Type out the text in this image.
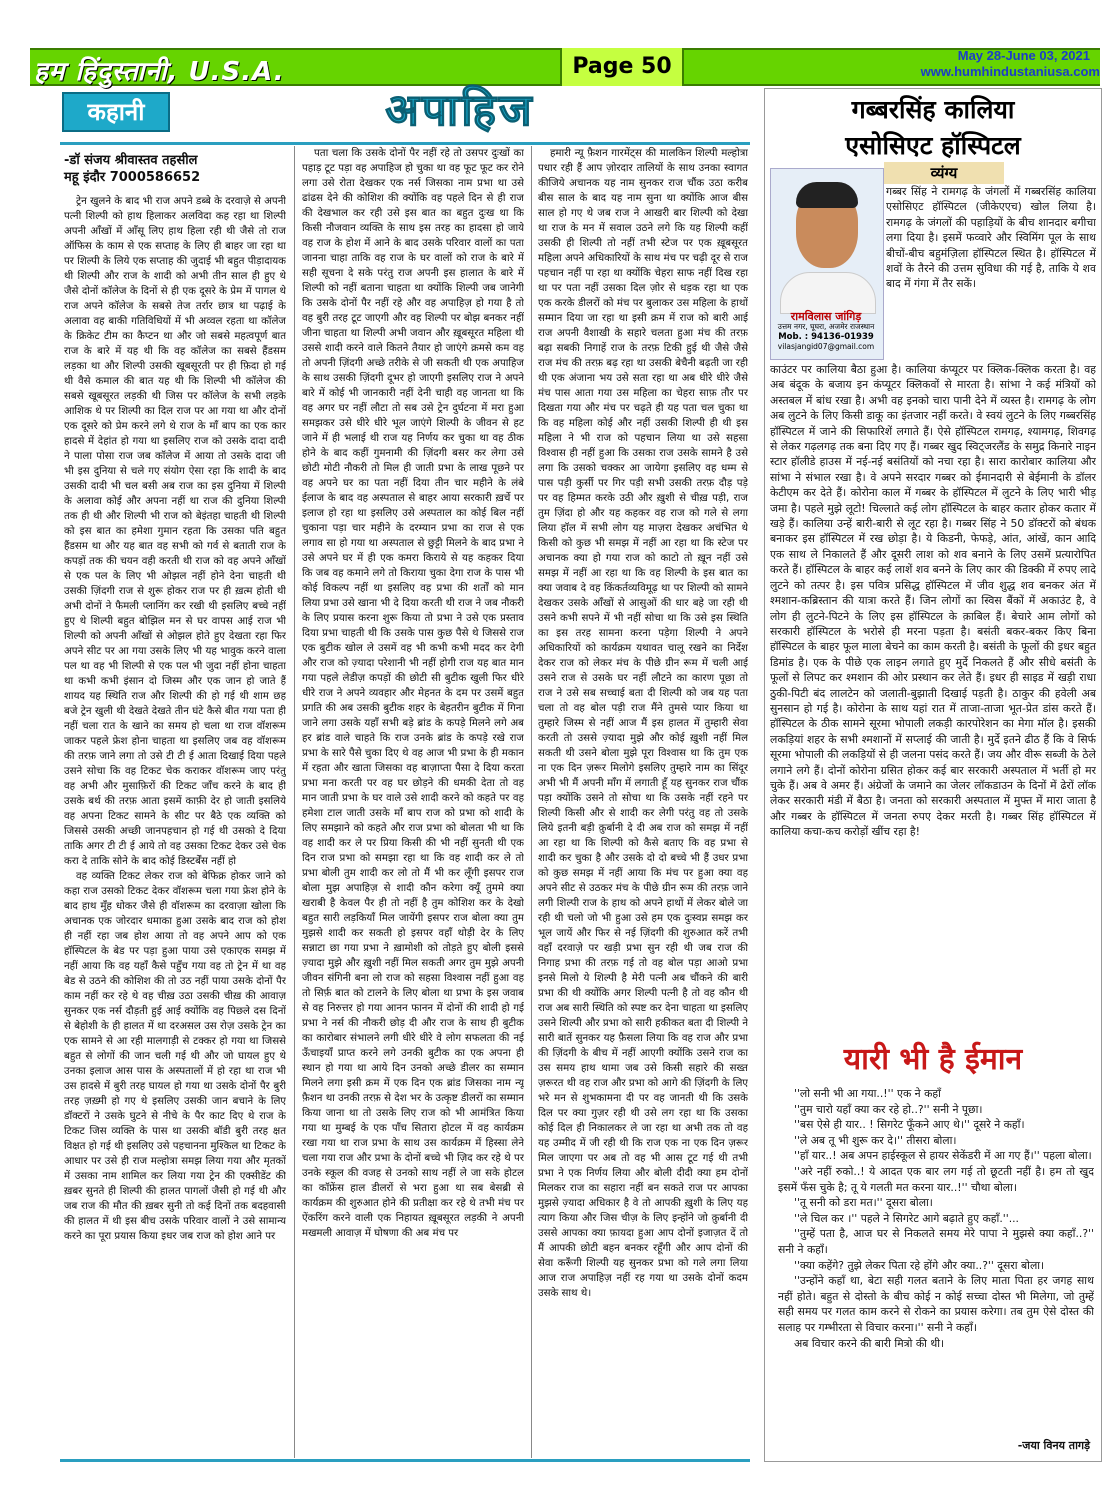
हम हिंदुस्तानी, U.S.A.	Page 50	May 28-June 03, 2021
www.humhindustaniusa.com
कहानी	अपाहिज
-डॉ संजय श्रीवास्तव तहसील
महू इंदौर 7000586652

ट्रेन खुलने के बाद भी राज अपने डब्बे के दरवाज़े से अपनी पत्नी शिल्पी को हाथ हिलाकर अलविदा कह रहा था शिल्पी अपनी आँखों में आँसू लिए हाथ हिला रही थी जैसे तो राज ऑफिस के काम से एक सप्ताह के लिए ही बाहर जा रहा था पर शिल्पी के लिये एक सप्ताह की जुदाई भी बहुत पीड़ादायक थी शिल्पी और राज के शादी को अभी तीन साल ही हुए थे जैसे दोनों कॉलेज के दिनों से ही एक दूसरे के प्रेम में पागल थे राज अपने कॉलेज के सबसे तेज तर्रार छात्र था पढ़ाई के अलावा वह बाकी गतिविधियों में भी अव्वल रहता था कॉलेज के क्रिकेट टीम का कैप्टन था और जो सबसे महत्वपूर्ण बात राज के बारे में यह थी कि वह कॉलेज का सबसे हैंडसम लड़का था और शिल्पी उसकी खूबसूरती पर ही फ़िदा हो गई थी वैसे कमाल की बात यह थी कि शिल्पी भी कॉलेज की सबसे खूबसूरत लड़की थी जिस पर कॉलेज के सभी लड़के आशिक थे पर शिल्पी का दिल राज पर आ गया था और दोनों एक दूसरे को प्रेम करने लगे थे राज के माँ बाप का एक कार हादसे में देहांत हो गया था इसलिए राज को उसके दादा दादी ने पाला पोसा राज जब कॉलेज में आया तो उसके दादा जी भी इस दुनिया से चले गए संयोग ऐसा रहा कि शादी के बाद उसकी दादी भी चल बसी अब राज का इस दुनिया में शिल्पी के अलावा कोई और अपना नहीं था राज की दुनिया शिल्पी तक ही थी और शिल्पी भी राज को बेइंतहा चाहती थी शिल्पी को इस बात का हमेशा गुमान रहता कि उसका पति बहुत हैंडसम था और यह बात वह सभी को गर्व से बताती राज के कपड़ों तक की चयन वही करती थी राज को वह अपने आँखों से एक पल के लिए भी ओझल नहीं होने देना चाहती थी उसकी ज़िंदगी राज से शुरू होकर राज पर ही ख़त्म होती थी अभी दोनों ने फैमली प्लानिंग कर रखी थी इसलिए बच्चे नहीं हुए थे शिल्पी बहुत बोझिल मन से घर वापस आई राज भी शिल्पी को अपनी आँखों से ओझल होते हुए देखता रहा फिर अपने सीट पर आ गया उसके लिए भी यह भावुक करने वाला पल था वह भी शिल्पी से एक पल भी जुदा नहीं होना चाहता था कभी कभी इंसान दो जिस्म और एक जान हो जाते हैं शायद यह स्थिति राज और शिल्पी की हो गई थी शाम छह बजे ट्रेन खुली थी देखते देखते तीन घंटे कैसे बीत गया पता ही नहीं चला रात के खाने का समय हो चला था राज वॉशरूम जाकर पहले फ्रेश होना चाहता था इसलिए जब वह वॉशरूम की तरफ़ जाने लगा तो उसे टी टी ई आता दिखाई दिया पहले उसने सोचा कि वह टिकट चेक कराकर वॉशरूम जाए परंतु वह अभी और मुसाफ़िरों की टिकट जाँच करने के बाद ही उसके बर्थ की तरफ़ आता इसमें काफ़ी देर हो जाती इसलिये वह अपना टिकट सामने के सीट पर बैठे एक व्यक्ति को जिससे उसकी अच्छी जानपहचान हो गई थी उसको दे दिया ताकि अगर टी टी ई आये तो वह उसका टिकट देकर उसे चेक करा दे ताकि सोने के बाद कोई डिस्टर्बेंस नहीं हो

वह व्यक्ति टिकट लेकर राज को बेफिक्र होकर जाने को कहा राज उसको टिकट देकर वॉशरूम चला गया फ्रेश होने के बाद हाथ मुँह धोकर जैसे ही वॉशरूम का दरवाज़ा खोला कि अचानक एक जोरदार धमाका हुआ उसके बाद राज को होश ही नहीं रहा जब होश आया तो वह अपने आप को एक हॉस्पिटल के बेड पर पड़ा हुआ पाया उसे एकाएक समझ में नहीं आया कि वह यहाँ कैसे पहुँच गया वह तो ट्रेन में था वह बेड से उठने की कोशिश की तो उठ नहीं पाया उसके दोनों पैर काम नहीं कर रहे थे वह चीख़ उठा उसकी चीख़ की आवाज़ सुनकर एक नर्स दौड़ती हुई आई क्योंकि वह पिछले दस दिनों से बेहोशी के ही हालत में था दरअसल उस रोज़ उसके ट्रेन का एक सामने से आ रही मालगाड़ी से टक्कर हो गया था जिससे बहुत से लोगों की जान चली गई थी और जो घायल हुए थे उनका इलाज आस पास के अस्पतालों में हो रहा था राज भी उस हादसे में बुरी तरह घायल हो गया था उसके दोनों पैर बुरी तरह ज़ख़्मी हो गए थे इसलिए उसकी जान बचाने के लिए डॉक्टरों ने उसके घुटने से नीचे के पैर काट दिए थे राज के टिकट जिस व्यक्ति के पास था उसकी बॉडी बुरी तरह क्षत विक्षत हो गई थी इसलिए उसे पहचानना मुश्किल था टिकट के आधार पर उसे ही राज मल्होत्रा समझ लिया गया और मृतकों में उसका नाम शामिल कर लिया गया ट्रेन की एक्सीडेंट की ख़बर सुनते ही शिल्पी की हालत पागलों जैसी हो गई थी और जब राज की मौत की ख़बर सुनी तो कई दिनों तक बदहवासी की हालत में थी इस बीच उसके परिवार वालों ने उसे सामान्य करने का पूरा प्रयास किया इधर जब राज को होश आने पर

पता चला कि उसके दोनों पैर नहीं रहे तो उसपर दुःखों का पहाड़ टूट पड़ा वह अपाहिज हो चुका था वह फूट फूट कर रोने लगा उसे रोता देखकर एक नर्स जिसका नाम प्रभा था उसे ढांढस देने की कोशिश की क्योंकि वह पहले दिन से ही राज की देखभाल कर रही उसे इस बात का बहुत दुःख था कि किसी नौजवान व्यक्ति के साथ इस तरह का हादसा हो जाये वह राज के होश में आने के बाद उसके परिवार वालों का पता जानना चाहा ताकि वह राज के घर वालों को राज के बारे में सही सूचना दे सके परंतु राज अपनी इस हालात के बारे में शिल्पी को नहीं बताना चाहता था क्योंकि शिल्पी जब जानेगी कि उसके दोनों पैर नहीं रहे और वह अपाहिज़ हो गया है तो वह बुरी तरह टूट जाएगी और वह शिल्पी पर बोझ बनकर नहीं जीना चाहता था शिल्पी अभी जवान और ख़ूबसूरत महिला थी उससे शादी करने वाले कितने तैयार हो जाएंगे क्रमसे कम वह तो अपनी ज़िंदगी अच्छे तरीके से जी सकती थी एक अपाहिज के साथ उसकी ज़िंदगी दूभर हो जाएगी इसलिए राज ने अपने बारे में कोई भी जानकारी नहीं देनी चाही वह जानता था कि वह अगर घर नहीं लौटा तो सब उसे ट्रेन दुर्घटना में मरा हुआ समझकर उसे धीरे धीरे भूल जाएंगे शिल्पी के जीवन से हट जाने में ही भलाई थी राज यह निर्णय कर चुका था वह ठीक होने के बाद कहीं गुमनामी की ज़िंदगी बसर कर लेगा उसे छोटी मोटी नौकरी तो मिल ही जाती प्रभा के लाख पूछने पर वह अपने घर का पता नहीं दिया तीन चार महीने के लंबे ईलाज के बाद वह अस्पताल से बाहर आया सरकारी ख़र्चे पर इलाज हो रहा था इसलिए उसे अस्पताल का कोई बिल नहीं चुकाना पड़ा चार महीने के दरम्यान प्रभा का राज से एक लगाव सा हो गया था अस्पताल से छुट्टी मिलने के बाद प्रभा ने उसे अपने घर में ही एक कमरा किराये से यह कहकर दिया कि जब वह कमाने लगे तो किराया चुका देगा राज के पास भी कोई विकल्प नहीं था इसलिए वह प्रभा की शर्तों को मान लिया प्रभा उसे खाना भी दे दिया करती थी राज ने जब नौकरी के लिए प्रयास करना शुरू किया तो प्रभा ने उसे एक प्रस्ताव दिया प्रभा चाहती थी कि उसके पास कुछ पैसे थे जिससे राज एक बुटीक खोल ले उसमें वह भी कभी कभी मदद कर देगी और राज को ज़्यादा परेशानी भी नहीं होगी राज यह बात मान गया पहले लेडीज़ कपड़ों की छोटी सी बुटीक खुली फिर धीरे धीरे राज ने अपने व्यवहार और मेहनत के दम पर उसमें बहुत प्रगति की अब उसकी बुटीक शहर के बेहतरीन बुटीक में गिना जाने लगा उसके यहाँ सभी बड़े ब्रांड के कपड़े मिलने लगे अब हर ब्रांड वाले चाहते कि राज उनके ब्रांड के कपड़े रखे राज प्रभा के सारे पैसे चुका दिए थे वह आज भी प्रभा के ही मकान में रहता और खाता जिसका वह बाज़ाप्ता पैसा दे दिया करता प्रभा मना करती पर वह घर छोड़ने की धमकी देता तो वह मान जाती प्रभा के घर वाले उसे शादी करने को कहते पर वह हमेशा टाल जाती उसके माँ बाप राज को प्रभा को शादी के लिए समझाने को कहते और राज प्रभा को बोलता भी था कि वह शादी कर ले पर प्रिया किसी की भी नहीं सुनती थी एक दिन राज प्रभा को समझा रहा था कि वह शादी कर ले तो प्रभा बोली तुम शादी कर लो तो मैं भी कर लूँगी इसपर राज बोला मुझ अपाहिज़ से शादी कौन करेगा क्यूँ तुममे क्या खराबी है केवल पैर ही तो नहीं है तुम कोशिश कर के देखो बहुत सारी लड़कियाँ मिल जायेंगी इसपर राज बोला क्या तुम मुझसे शादी कर सकती हो इसपर वहाँ थोड़ी देर के लिए सन्नाटा छा गया प्रभा ने ख़ामोशी को तोड़ते हुए बोली इससे ज़्यादा मुझे और ख़ुशी नहीं मिल सकती अगर तुम मुझे अपनी जीवन संगिनी बना लो राज को सहसा विश्वास नहीं हुआ वह तो सिर्फ़ बात को टालने के लिए बोला था प्रभा के इस जवाब से वह निरुत्तर हो गया आनन फानन में दोनों की शादी हो गई प्रभा ने नर्स की नौकरी छोड़ दी और राज के साथ ही बुटीक का कारोबार संभालने लगी धीरे धीरे वे लोग सफलता की नई ऊँचाइयाँ प्राप्त करने लगे उनकी बुटीक का एक अपना ही स्थान हो गया था आये दिन उनको अच्छे डीलर का सम्मान मिलने लगा इसी क्रम में एक दिन एक ब्रांड जिसका नाम न्यू फ़ैशन था उनकी तरफ़ से देश भर के उत्कृष्ट डीलरों का सम्मान किया जाना था तो उसके लिए राज को भी आमंत्रित किया गया था मुम्बई के एक पाँच सितारा होटल में वह कार्यक्रम रखा गया था राज प्रभा के साथ उस कार्यक्रम में हिस्सा लेने चला गया राज और प्रभा के दोनों बच्चे भी ज़िद कर रहे थे पर उनके स्कूल की वजह से उनको साथ नहीं ले जा सके होटल का कॉफ्रेंस हाल डीलरों से भरा हुआ था सब बेसब्री से कार्यक्रम की शुरुआत होने की प्रतीक्षा कर रहे थे तभी मंच पर ऐंकरिंग करने वाली एक निहायत ख़ूबसूरत लड़की ने अपनी मखमली आवाज़ में घोषणा की अब मंच पर

हमारी न्यू फ़ैशन गारमेंट्स की मालकिन शिल्पी मल्होत्रा पधार रही हैं आप ज़ोरदार तालियों के साथ उनका स्वागत कीजिये अचानक यह नाम सुनकर राज चौंक उठा करीब बीस साल के बाद यह नाम सुना था क्योंकि आज बीस साल हो गए थे जब राज ने आखरी बार शिल्पी को देखा था राज के मन में सवाल उठने लगे कि यह शिल्पी कहीं उसकी ही शिल्पी तो नहीं तभी स्टेज पर एक ख़ूबसूरत महिला अपने अधिकारियों के साथ मंच पर चढ़ी दूर से राज पहचान नहीं पा रहा था क्योंकि चेहरा साफ नहीं दिख रहा था पर पता नहीं उसका दिल ज़ोर से धड़क रहा था एक एक करके डीलरों को मंच पर बुलाकर उस महिला के हाथों सम्मान दिया जा रहा था इसी क्रम में राज को बारी आई राज अपनी वैशाखी के सहारे चलता हुआ मंच की तरफ़ बढ़ा सबकी निगाहें राज के तरफ़ टिकी हुई थी जैसे जैसे राज मंच की तरफ़ बढ़ रहा था उसकी बेचैनी बढ़ती जा रही थी एक अंजाना भय उसे सता रहा था अब धीरे धीरे जैसे मंच पास आता गया उस महिला का चेहरा साफ़ तौर पर दिखता गया और मंच पर चढ़ते ही यह पता चल चुका था कि वह महिला कोई और नहीं उसकी शिल्पी ही थी इस महिला ने भी राज को पहचान लिया था उसे सहसा विश्वास ही नहीं हुआ कि उसका राज उसके सामने है उसे लगा कि उसको चक्कर आ जायेगा इसलिए वह धम्म से पास पड़ी कुर्सी पर गिर पड़ी सभी उसकी तरफ़ दौड़ पड़े पर वह हिम्मत करके उठी और ख़ुशी से चीख़ पड़ी, राज तुम ज़िंदा हो और यह कहकर वह राज को गले से लगा लिया हॉल में सभी लोग यह माज़रा देखकर अचंभित थे किसी को कुछ भी समझ में नहीं आ रहा था कि स्टेज पर अचानक क्या हो गया राज को काटो तो ख़ून नहीं उसे समझ में नहीं आ रहा था कि वह शिल्पी के इस बात का क्या जवाब दे वह किंकर्तव्यविमूढ़ था पर शिल्पी को सामने देखकर उसके आँखों से आसुओं की धार बहे जा रही थी उसने कभी सपने में भी नहीं सोचा था कि उसे इस स्थिति का इस तरह सामना करना पड़ेगा शिल्पी ने अपने अधिकारियों को कार्यक्रम यथावत चालू रखने का निर्देश देकर राज को लेकर मंच के पीछे ग्रीन रूम में चली आई उसने राज से उसके घर नहीं लौटने का कारण पूछा तो राज ने उसे सब सच्चाई बता दी शिल्पी को जब यह पता चला तो वह बोल पड़ी राज मैंने तुमसे प्यार किया था तुम्हारे जिस्म से नहीं आज मैं इस हालत में तुम्हारी सेवा करती तो उससे ज़्यादा मुझे और कोई ख़ुशी नहीं मिल सकती थी उसने बोला मुझे पूरा विश्वास था कि तुम एक ना एक दिन ज़रूर मिलोगे इसलिए तुम्हारे नाम का सिंदूर अभी भी मैं अपनी माँग में लगाती हूँ यह सुनकर राज चौंक पड़ा क्योंकि उसने तो सोचा था कि उसके नहीं रहने पर शिल्पी किसी और से शादी कर लेगी परंतु वह तो उसके लिये इतनी बड़ी क़ुर्बानी दे दी अब राज को समझ में नहीं आ रहा था कि शिल्पी को कैसे बताए कि वह प्रभा से शादी कर चुका है और उसके दो दो बच्चे भी हैं उधर प्रभा को कुछ समझ में नहीं आया कि मंच पर हुआ क्या वह अपने सीट से उठकर मंच के पीछे ग्रीन रूम की तरफ़ जाने लगी शिल्पी राज के हाथ को अपने हाथों में लेकर बोले जा रही थी चलो जो भी हुआ उसे हम एक दुःस्वप्न समझ कर भूल जायें और फिर से नई ज़िंदगी की शुरुआत करें तभी वहाँ दरवाज़े पर खड़ी प्रभा सुन रही थी जब राज की निगाह प्रभा की तरफ़ गई तो वह बोल पड़ा आओ प्रभा इनसे मिलो ये शिल्पी है मेरी पत्नी अब चौंकने की बारी प्रभा की थी क्योंकि अगर शिल्पी पत्नी है तो वह कौन थी राज अब सारी स्थिति को स्पष्ट कर देना चाहता था इसलिए उसने शिल्पी और प्रभा को सारी हकीकत बता दी शिल्पी ने सारी बातें सुनकर यह फ़ैसला लिया कि वह राज और प्रभा की ज़िंदगी के बीच में नहीं आएगी क्योंकि उसने राज का उस समय हाथ थामा जब उसे किसी सहारे की सख्त ज़रूरत थी वह राज और प्रभा को आगे की ज़िंदगी के लिए भरे मन से शुभकामना दी पर वह जानती थी कि उसके दिल पर क्या गुज़र रही थी उसे लग रहा था कि उसका कोई दिल ही निकालकर ले जा रहा था अभी तक तो वह यह उम्मीद में जी रही थी कि राज एक ना एक दिन ज़रूर मिल जाएगा पर अब तो वह भी आस टूट गई थी तभी प्रभा ने एक निर्णय लिया और बोली दीदी क्या हम दोनों मिलकर राज का सहारा नहीं बन सकते राज पर आपका मुझसे ज़्यादा अधिकार है वे तो आपकी ख़ुशी के लिए यह त्याग किया और जिस चीज़ के लिए इन्होंने जो क़ुर्बानी दी उससे आपका क्या फ़ायदा हुआ आप दोनों इजाज़त दें तो मैं आपकी छोटी बहन बनकर रहूँगी और आप दोनों की सेवा करूँगी शिल्पी यह सुनकर प्रभा को गले लगा लिया आज राज अपाहिज़ नहीं रह गया था उसके दोनों कदम उसके साथ थे।

गब्बरसिंह कालिया
एसोसिएट हॉस्पिटल
व्यंग्य
रामविलास जांगिड़
उत्तम नगर, घूघरा, अजमेर राजस्थान
Mob. : 94136-01939
vilasjangid07@gmail.com

गब्बर सिंह ने रामगढ़ के जंगलों में गब्बरसिंह कालिया एसोसिएट हॉस्पिटल (जीकेएएच) खोल लिया है। रामगढ़ के जंगलों की पहाड़ियों के बीच शानदार बगीचा लगा दिया है। इसमें फव्वारे और स्विमिंग पूल के साथ बीचों-बीच बहुमंज़िला हॉस्पिटल स्थित है। हॉस्पिटल में शवों के तैरने की उत्तम सुविधा की गई है, ताकि ये शव बाद में गंगा में तैर सकें।

काउंटर पर कालिया बैठा हुआ है। कालिया कंप्यूटर पर क्लिक-क्लिक करता है। वह अब बंदूक के बजाय इन कंप्यूटर क्लिकवों से मारता है। सांभा ने कई मंत्रियों को अस्तबल में बांध रखा है। अभी वह इनको चारा पानी देने में व्यस्त है। रामगढ़ के लोग अब लुटने के लिए किसी डाकू का इंतजार नहीं करते। वे स्वयं लुटने के लिए गब्बरसिंह हॉस्पिटल में जाने की सिफारिशें लगाते हैं। ऐसे हॉस्पिटल रामगढ़, श्यामगढ़, शिवगढ़ से लेकर गढ़लगढ़ तक बना दिए गए हैं। गब्बर खुद स्विट्जरलैंड के समुद्र किनारे नाइन स्टार हॉलीडे हाउस में नई-नई बसंतियों को नचा रहा है। सारा कारोबार कालिया और सांभा ने संभाल रखा है। वे अपने सरदार गब्बर को ईमानदारी से बेईमानी के डॉलर केटीएम कर देते हैं। कोरोना काल में गब्बर के हॉस्पिटल में लुटने के लिए भारी भीड़ जमा है। पहले मुझे लूटो! चिल्लाते कई लोग हॉस्पिटल के बाहर कतार होकर कतार में खड़े हैं। कालिया उन्हें बारी-बारी से लूट रहा है। गब्बर सिंह ने 50 डॉक्टरों को बंधक बनाकर इस हॉस्पिटल में रख छोड़ा है। ये किडनी, फेफड़े, आंत, आंखें, कान आदि एक साथ ले निकालते हैं और दूसरी लाश को शव बनाने के लिए उसमें प्रत्यारोपित करते हैं। हॉस्पिटल के बाहर कई लाशें शव बनने के लिए कार की डिक्की में रुपए लादे लुटने को तत्पर है। इस पवित्र प्रसिद्ध हॉस्पिटल में जीव शुद्ध शव बनकर अंत में श्मशान-कब्रिस्तान की यात्रा करते हैं। जिन लोगों का स्विस बैंकों में अकाउंट है, वे लोग ही लुटने-पिटने के लिए इस हॉस्पिटल के क़ाबिल हैं। बेचारे आम लोगों को सरकारी हॉस्पिटल के भरोसे ही मरना पड़ता है। बसंती बकर-बकर किए बिना हॉस्पिटल के बाहर फूल माला बेचने का काम करती है। बसंती के फूलों की इधर बहुत डिमांड है। एक के पीछे एक लाइन लगाते हुए मुर्दे निकलते हैं और सीधे बसंती के फूलों से लिपट कर श्मशान की ओर प्रस्थान कर लेते हैं। इधर ही साइड में खड़ी राधा ठुकी-पिटी बंद लालटेन को जलाती-बुझाती दिखाई पड़ती है। ठाकुर की हवेली अब सुनसान हो गई है। कोरोना के साथ यहां रात में ताजा-ताजा भूत-प्रेत डांस करते हैं। हॉस्पिटल के ठीक सामने सूरमा भोपाली लकड़ी कारपोरेशन का मेगा मॉल है। इसकी लकड़ियां शहर के सभी श्मशानों में सप्लाई की जाती है। मुर्दे इतने ढीठ हैं कि वे सिर्फ सूरमा भोपाली की लकड़ियों से ही जलना पसंद करते हैं। जय और वीरू सब्जी के ठेले लगाने लगे हैं। दोनों कोरोना ग्रसित होकर कई बार सरकारी अस्पताल में भर्ती हो मर चुके हैं। अब वे अमर हैं। अंग्रेजों के जमाने का जेलर लॉकडाउन के दिनों में ढेरों लॉक लेकर सरकारी मंडी में बैठा है। जनता को सरकारी अस्पताल में मुफ्त में मारा जाता है और गब्बर के हॉस्पिटल में जनता रुपए देकर मरती है। गब्बर सिंह हॉस्पिटल में कालिया कचा-कच करोड़ों खींच रहा है!

यारी भी है ईमान

''लो सनी भी आ गया..!'' एक ने कहाँ

''तुम चारो यहाँ क्या कर रहे हो..?'' सनी ने पूछा।

''बस ऐसे ही यार.. ! सिगरेट फूँकने आए थे।'' दूसरे ने कहाँ।

''ले अब तू भी शुरू कर दे।'' तीसरा बोला।

''हाँ यार..! अब अपन हाईस्कूल से हायर सेकेंडरी में आ गए हैं।'' पहला बोला।

''अरे नहीं रुको..! ये आदत एक बार लग गई तो छूटती नहीं है। हम तो खुद इसमें फँस चुके है; तू ये गलती मत करना यार..!'' चौथा बोला।

''तू सनी को डरा मत।'' दूसरा बोला।

''ले चिल कर ।'' पहले ने सिगरेट आगे बढ़ाते हुए कहाँ.''...

''तुम्हें पता है, आज घर से निकलते समय मेरे पापा ने मुझसे क्या कहाँ..?'' सनी ने कहाँ।

''क्या कहेंगे? तुझे लेकर पिता रहे होंगे और क्या..?'' दूसरा बोला।

''उन्होंने कहाँ था, बेटा सही गलत बताने के लिए माता पिता हर जगह साथ नहीं होते। बहुत से दोस्तो के बीच कोई न कोई सच्चा दोस्त भी मिलेगा, जो तुम्हें सही समय पर गलत काम करने से रोकने का प्रयास करेगा। तब तुम ऐसे दोस्त की सलाह पर गम्भीरता से विचार करना।'' सनी ने कहाँ।

अब विचार करने की बारी मित्रो की थी।

-जया विनय तागड़े
